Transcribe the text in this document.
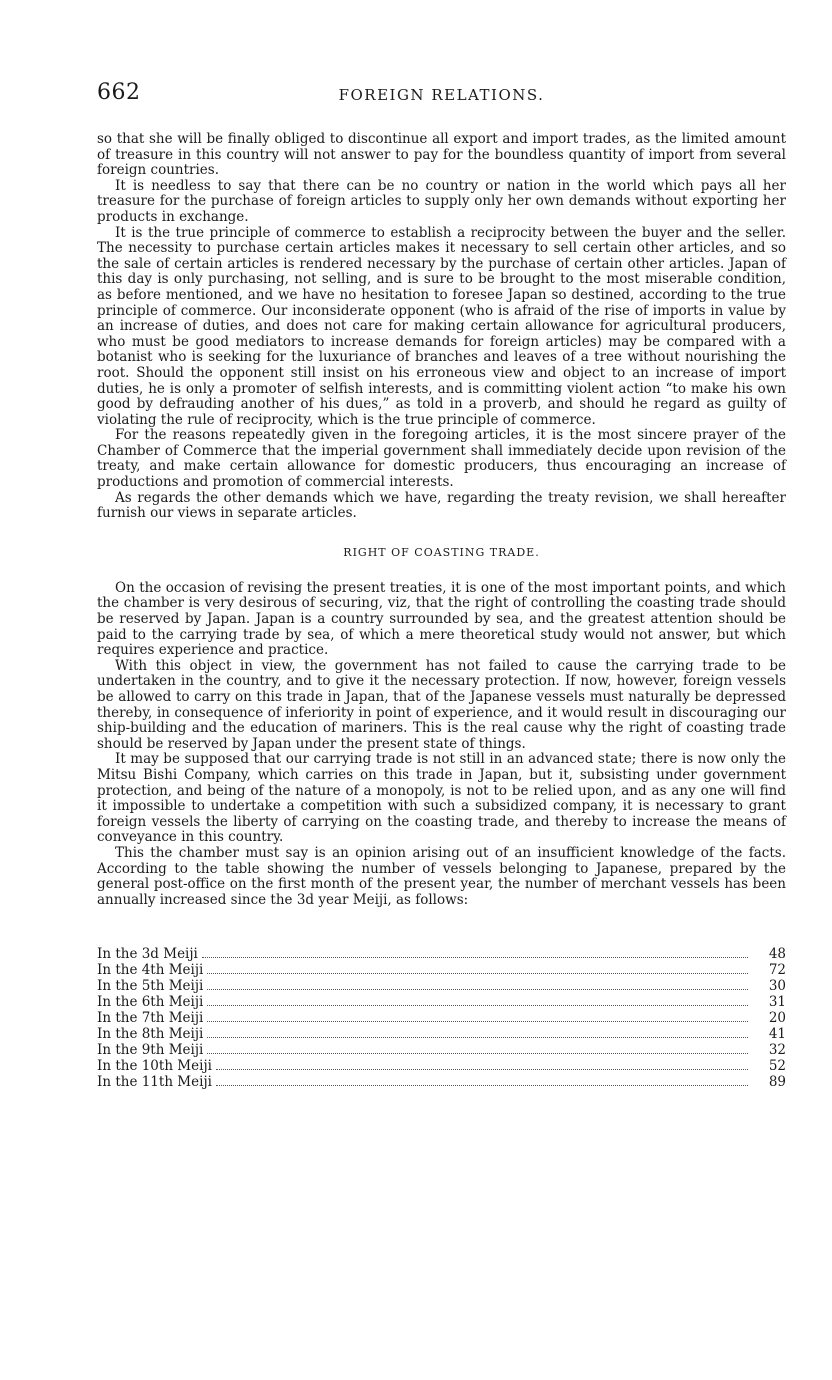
662	FOREIGN RELATIONS.

so that she will be finally obliged to discontinue all export and import trades, as the limited amount of treasure in this country will not answer to pay for the boundless quantity of import from several foreign countries.

It is needless to say that there can be no country or nation in the world which pays all her treasure for the purchase of foreign articles to supply only her own demands without exporting her products in exchange.

It is the true principle of commerce to establish a reciprocity between the buyer and the seller. The necessity to purchase certain articles makes it necessary to sell certain other articles, and so the sale of certain articles is rendered necessary by the purchase of certain other articles. Japan of this day is only purchasing, not selling, and is sure to be brought to the most miserable condition, as before mentioned, and we have no hesitation to foresee Japan so destined, according to the true principle of commerce. Our inconsiderate opponent (who is afraid of the rise of imports in value by an increase of duties, and does not care for making certain allowance for agricultural producers, who must be good mediators to increase demands for foreign articles) may be compared with a botanist who is seeking for the luxuriance of branches and leaves of a tree without nourishing the root. Should the opponent still insist on his erroneous view and object to an increase of import duties, he is only a promoter of selfish interests, and is committing violent action “to make his own good by defrauding another of his dues,” as told in a proverb, and should he regard as guilty of violating the rule of reciprocity, which is the true principle of commerce.

For the reasons repeatedly given in the foregoing articles, it is the most sincere prayer of the Chamber of Commerce that the imperial government shall immediately decide upon revision of the treaty, and make certain allowance for domestic producers, thus encouraging an increase of productions and promotion of commercial interests.

As regards the other demands which we have, regarding the treaty revision, we shall hereafter furnish our views in separate articles.

RIGHT OF COASTING TRADE.

On the occasion of revising the present treaties, it is one of the most important points, and which the chamber is very desirous of securing, viz, that the right of controlling the coasting trade should be reserved by Japan. Japan is a country surrounded by sea, and the greatest attention should be paid to the carrying trade by sea, of which a mere theoretical study would not answer, but which requires experience and practice.

With this object in view, the government has not failed to cause the carrying trade to be undertaken in the country, and to give it the necessary protection. If now, however, foreign vessels be allowed to carry on this trade in Japan, that of the Japanese vessels must naturally be depressed thereby, in consequence of inferiority in point of experience, and it would result in discouraging our ship-building and the education of mariners. This is the real cause why the right of coasting trade should be reserved by Japan under the present state of things.

It may be supposed that our carrying trade is not still in an advanced state; there is now only the Mitsu Bishi Company, which carries on this trade in Japan, but it, subsisting under government protection, and being of the nature of a monopoly, is not to be relied upon, and as any one will find it impossible to undertake a competition with such a subsidized company, it is necessary to grant foreign vessels the liberty of carrying on the coasting trade, and thereby to increase the means of conveyance in this country.

This the chamber must say is an opinion arising out of an insufficient knowledge of the facts. According to the table showing the number of vessels belonging to Japanese, prepared by the general post-office on the first month of the present year, the number of merchant vessels has been annually increased since the 3d year Meiji, as follows:

In the 3d Meiji	48
In the 4th Meiji	72
In the 5th Meiji	30
In the 6th Meiji	31
In the 7th Meiji	20
In the 8th Meiji	41
In the 9th Meiji	32
In the 10th Meiji	52
In the 11th Meiji	89
